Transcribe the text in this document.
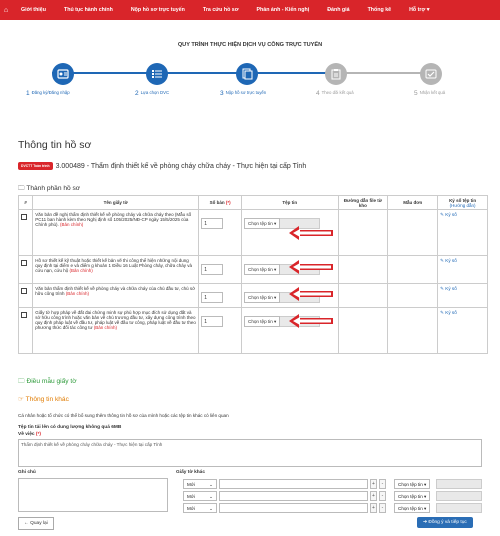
⌂	Giới thiệu	Thủ tục hành chính	Nộp hồ sơ trực tuyến	Tra cứu hồ sơ	Phản ánh - Kiến nghị	Đánh giá	Thống kê	Hỗ trợ ▾
QUY TRÌNH THỰC HIỆN DỊCH VỤ CÔNG TRỰC TUYẾN
1 Đăng ký/Đăng nhập	2 Lựa chọn DVC	3 Nộp hồ sơ trực tuyến	4 Theo dõi kết quả	5 Nhận kết quả
Thông tin hồ sơ
DVCTT Toàn trình 3.000489 - Thẩm định thiết kế về phòng cháy chữa cháy - Thực hiện tại cấp Tỉnh
🗀 Thành phần hồ sơ
#	Tên giấy tờ	Số bản (*)	Tệp tin	Đường dẫn file từ kho	Mẫu đơn	Ký số tệp tin
(Hướng dẫn)
	Văn bản đề nghị thẩm định thiết kế về phòng cháy và chữa cháy theo (Mẫu số PC11 ban hành kèm theo Nghị định số 105/2025/NĐ-CP ngày 15/5/2025 của Chính phủ). (Bản chính)	1	Chọn tệp tin ▾			✎ Ký số
	Hồ sơ thiết kế kỹ thuật hoặc thiết kế bản vẽ thi công thể hiện những nội dung quy định tại điểm e và điểm g khoản 1 Điều 16 Luật Phòng cháy, chữa cháy và cứu nạn, cứu hộ (Bản chính)	1	Chọn tệp tin ▾			✎ Ký số
	Văn bản thẩm định thiết kế về phòng cháy và chữa cháy của chủ đầu tư, chủ sở hữu công trình (Bản chính)	1	Chọn tệp tin ▾			✎ Ký số
	Giấy tờ hợp pháp về đất đai chứng minh sự phù hợp mục đích sử dụng đất và sở hữu công trình hoặc văn bản về chủ trương đầu tư, xây dựng công trình theo quy định pháp luật về đầu tư, pháp luật về đầu tư công, pháp luật về đầu tư theo phương thức đối tác công tư (Bản chính)	1	Chọn tệp tin ▾			✎ Ký số
🗀 Điều mẫu giấy tờ
☞ Thông tin khác
Cá nhân hoặc tổ chức có thể bổ sung thêm thông tin hồ sơ của mình hoặc các tệp tin khác có liên quan
Tệp tin tải lên có dung lượng không quá 6MB
Về việc (*)
Thẩm định thiết kế về phòng cháy chữa cháy - Thực hiện tại cấp Tỉnh
Ghi chú	Giấy tờ khác
Mới	⌄	+	-	Chọn tệp tin ▾
Mới	⌄	+	-	Chọn tệp tin ▾
Mới	⌄	+	-	Chọn tệp tin ▾
← Quay lại	➔ Đồng ý và tiếp tục
